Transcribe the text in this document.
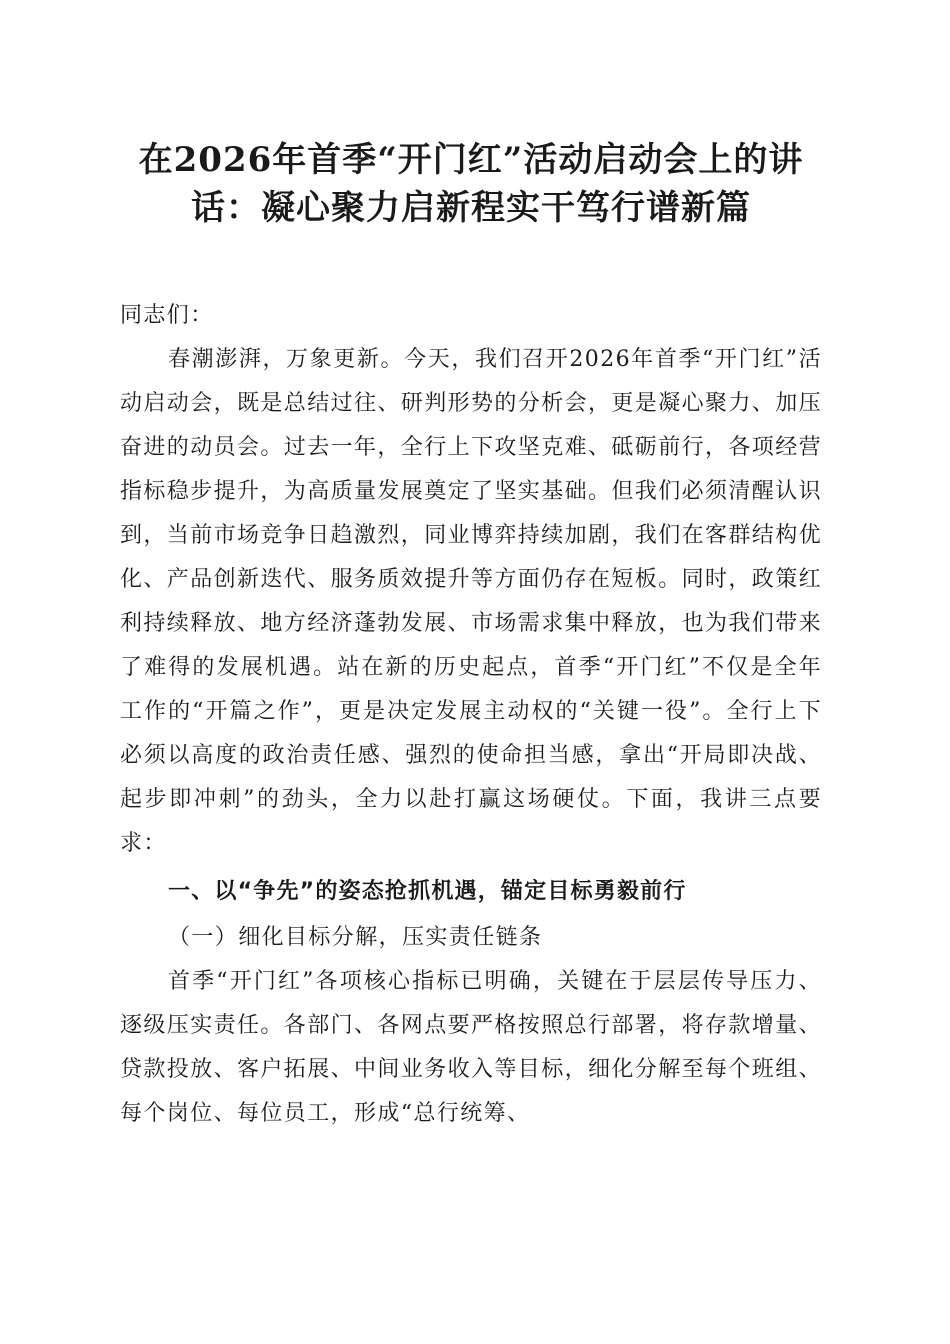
在2026年首季“开门红”活动启动会上的讲
话：凝心聚力启新程实干笃行谱新篇

同志们：

春潮澎湃，万象更新。今天，我们召开2026年首季“开门红”活动启动会，既是总结过往、研判形势的分析会，更是凝心聚力、加压奋进的动员会。过去一年，全行上下攻坚克难、砥砺前行，各项经营指标稳步提升，为高质量发展奠定了坚实基础。但我们必须清醒认识到，当前市场竞争日趋激烈，同业博弈持续加剧，我们在客群结构优化、产品创新迭代、服务质效提升等方面仍存在短板。同时，政策红利持续释放、地方经济蓬勃发展、市场需求集中释放，也为我们带来了难得的发展机遇。站在新的历史起点，首季“开门红”不仅是全年工作的“开篇之作”，更是决定发展主动权的“关键一役”。全行上下必须以高度的政治责任感、强烈的使命担当感，拿出“开局即决战、起步即冲刺”的劲头，全力以赴打赢这场硬仗。下面，我讲三点要求：

一、以“争先”的姿态抢抓机遇，锚定目标勇毅前行

（一）细化目标分解，压实责任链条

首季“开门红”各项核心指标已明确，关键在于层层传导压力、逐级压实责任。各部门、各网点要严格按照总行部署，将存款增量、贷款投放、客户拓展、中间业务收入等目标，细化分解至每个班组、每个岗位、每位员工，形成“总行统筹、
